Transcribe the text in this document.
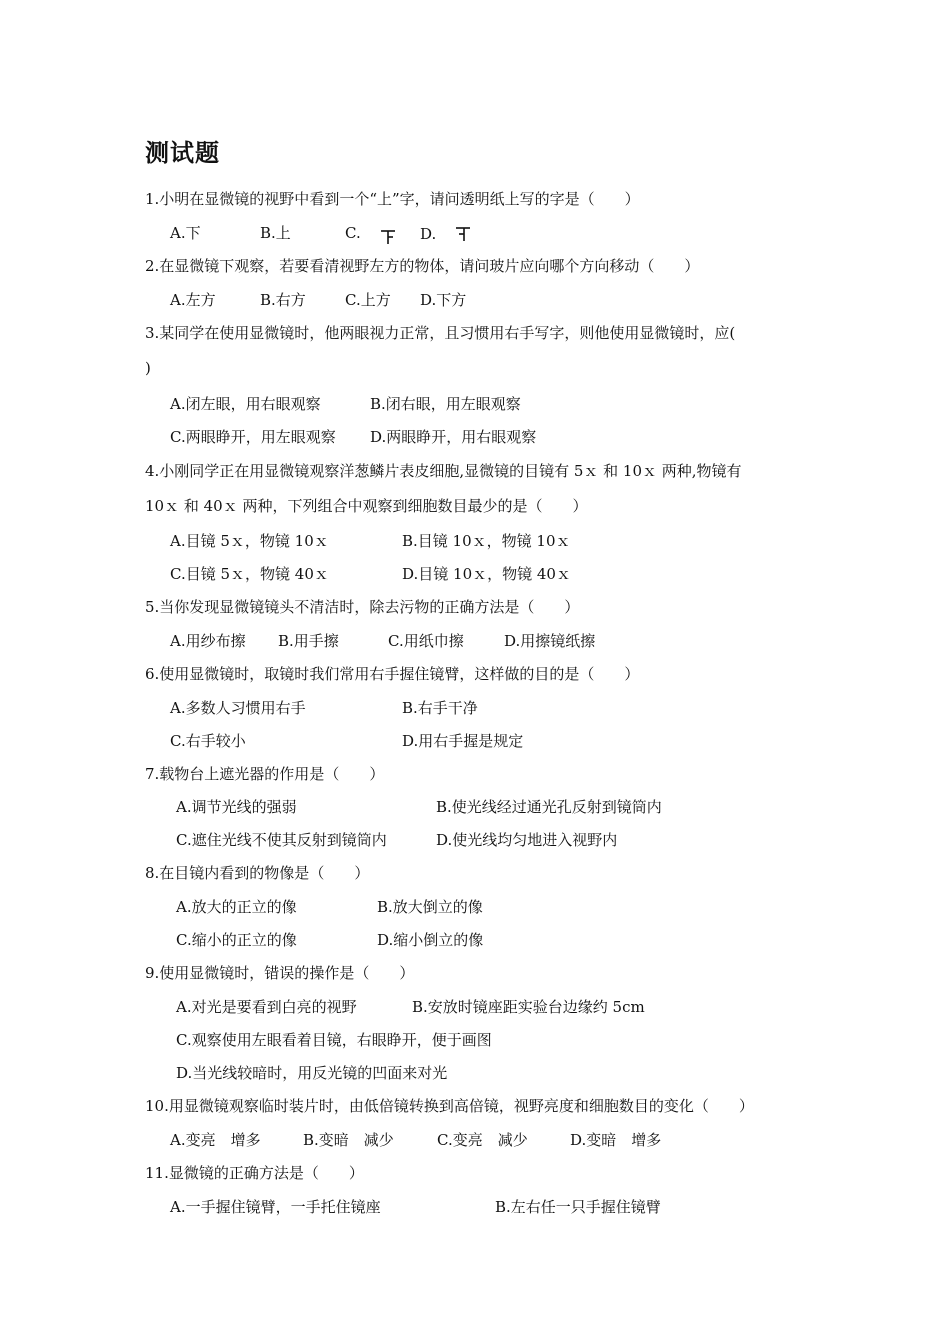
测试题
1.小明在显微镜的视野中看到一个“上”字，请问透明纸上写的字是（　　）
A.下	B.上	C.	D.
2.在显微镜下观察，若要看清视野左方的物体，请问玻片应向哪个方向移动（　　）
A.左方	B.右方	C.上方 D.下方
3.某同学在使用显微镜时，他两眼视力正常，且习惯用右手写字，则他使用显微镜时，应(
)
A.闭左眼，用右眼观察	B.闭右眼，用左眼观察
C.两眼睁开，用左眼观察 D.两眼睁开，用右眼观察
4.小刚同学正在用显微镜观察洋葱鳞片表皮细胞,显微镜的目镜有 5ｘ 和 10ｘ 两种,物镜有
10ｘ 和 40ｘ 两种，下列组合中观察到细胞数目最少的是（　　）
A.目镜 5ｘ，物镜 10ｘ	B.目镜 10ｘ，物镜 10ｘ
C.目镜 5ｘ，物镜 40ｘ	D.目镜 10ｘ，物镜 40ｘ
5.当你发现显微镜镜头不清洁时，除去污物的正确方法是（　　）
A.用纱布擦 B.用手擦	C.用纸巾擦	D.用擦镜纸擦
6.使用显微镜时，取镜时我们常用右手握住镜臂，这样做的目的是（　　）
A.多数人习惯用右手	B.右手干净
C.右手较小	D.用右手握是规定
7.载物台上遮光器的作用是（　　）
A.调节光线的强弱	B.使光线经过通光孔反射到镜筒内
C.遮住光线不使其反射到镜筒内	D.使光线均匀地进入视野内
8.在目镜内看到的物像是（　　）
A.放大的正立的像	B.放大倒立的像
C.缩小的正立的像	D.缩小倒立的像
9.使用显微镜时，错误的操作是（　　）
A.对光是要看到白亮的视野	B.安放时镜座距实验台边缘约 5cm
C.观察使用左眼看着目镜，右眼睁开，便于画图
D.当光线较暗时，用反光镜的凹面来对光
10.用显微镜观察临时装片时，由低倍镜转换到高倍镜，视野亮度和细胞数目的变化（　　）
A.变亮　增多	B.变暗　减少	C.变亮　减少	D.变暗　增多
11.显微镜的正确方法是（　　）
A.一手握住镜臂，一手托住镜座	B.左右任一只手握住镜臂
